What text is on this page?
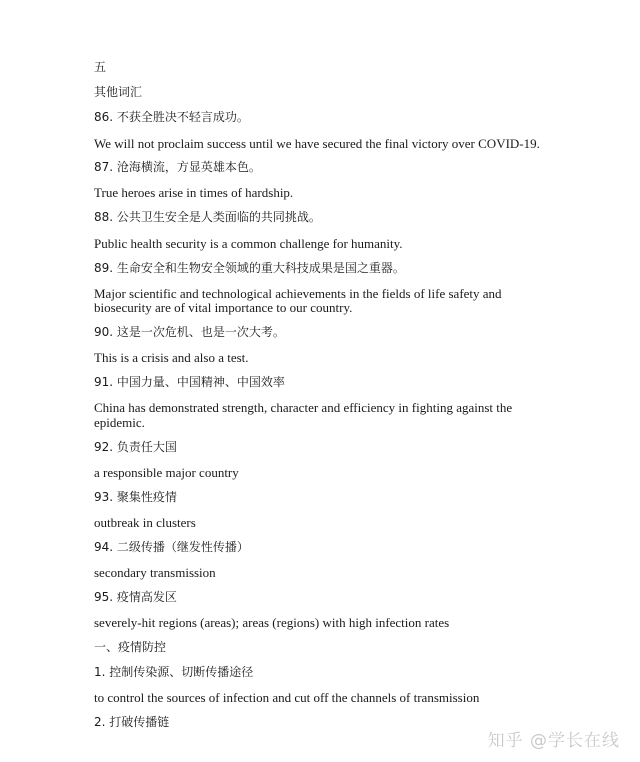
五
其他词汇
86. 不获全胜决不轻言成功。
We will not proclaim success until we have secured the final victory over COVID-19.
87. 沧海横流，方显英雄本色。
True heroes arise in times of hardship.
88. 公共卫生安全是人类面临的共同挑战。
Public health security is a common challenge for humanity.
89. 生命安全和生物安全领域的重大科技成果是国之重器。
Major scientific and technological achievements in the fields of life safety and
biosecurity are of vital importance to our country.
90. 这是一次危机、也是一次大考。
This is a crisis and also a test.
91. 中国力量、中国精神、中国效率
China has demonstrated strength, character and efficiency in fighting against the
epidemic.
92. 负责任大国
a responsible major country
93. 聚集性疫情
outbreak in clusters
94. 二级传播（继发性传播）
secondary transmission
95. 疫情高发区
severely-hit regions (areas); areas (regions) with high infection rates
一、疫情防控
1. 控制传染源、切断传播途径
to control the sources of infection and cut off the channels of transmission
2. 打破传播链
知乎 @学长在线
